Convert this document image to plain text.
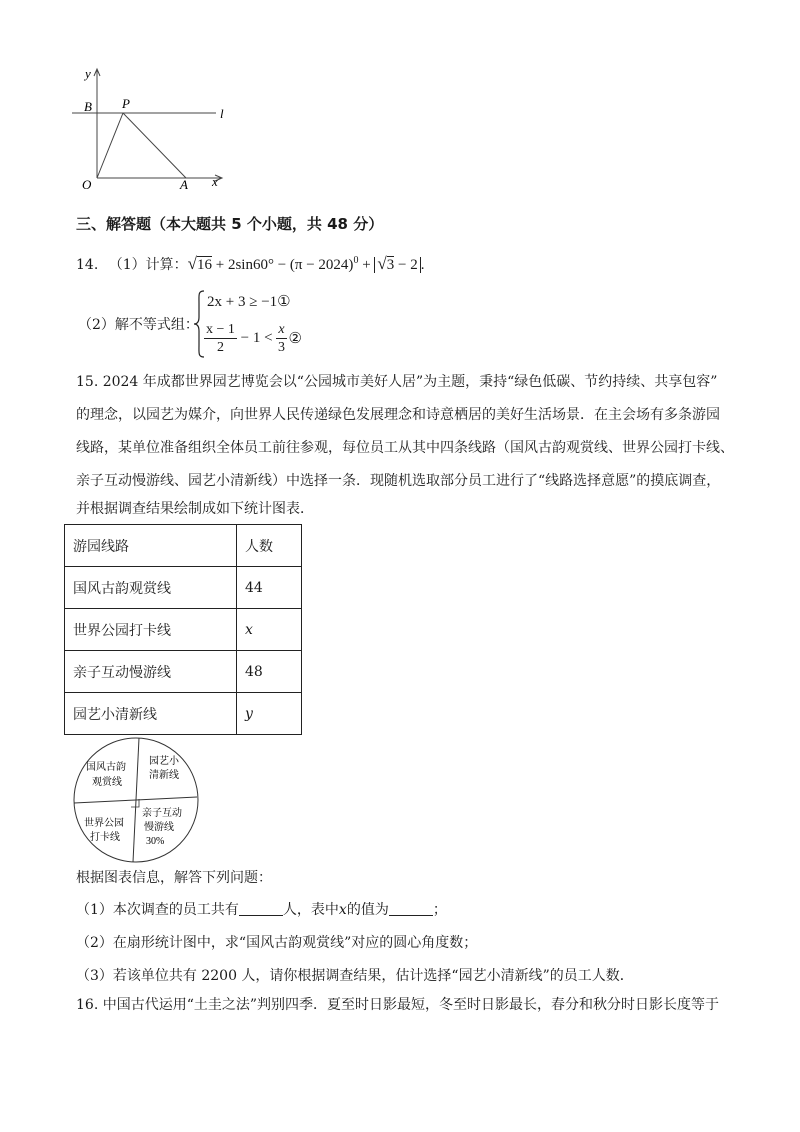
y
B P
l
O	A x
三、解答题（本大题共 5 个小题，共 48 分）
14. （1）计算：$√16 + 2\sin 60^\circ - (\pi - 2024)^0 + √3 - 2$ .
（2）解不等式组：
2x + 3 ≥ −1①
$\frac{x - 1}{2} - 1 < \frac{x}{3}$ ②
15. 2024 年成都世界园艺博览会以“公园城市美好人居”为主题，秉持“绿色低碳、节约持续、共享包容”
的理念，以园艺为媒介，向世界人民传递绿色发展理念和诗意栖居的美好生活场景．在主会场有多条游园
线路，某单位准备组织全体员工前往参观，每位员工从其中四条线路（国风古韵观赏线、世界公园打卡线、
亲子互动慢游线、园艺小清新线）中选择一条．现随机选取部分员工进行了“线路选择意愿”的摸底调查，
并根据调查结果绘制成如下统计图表．
游园线路	人数
国风古韵观赏线	44
世界公园打卡线	x
亲子互动慢游线	48
园艺小清新线	y
国风古韵 观赏线
园艺小 清新线
世界公园 打卡线
亲子互动 慢游线 30%
根据图表信息，解答下列问题：
（1）本次调查的员工共有	人，表中x的值为	；
（2）在扇形统计图中，求“国风古韵观赏线”对应的圆心角度数；
（3）若该单位共有 2200 人，请你根据调查结果，估计选择“园艺小清新线”的员工人数．
16. 中国古代运用“土圭之法”判别四季．夏至时日影最短，冬至时日影最长，春分和秋分时日影长度等于
